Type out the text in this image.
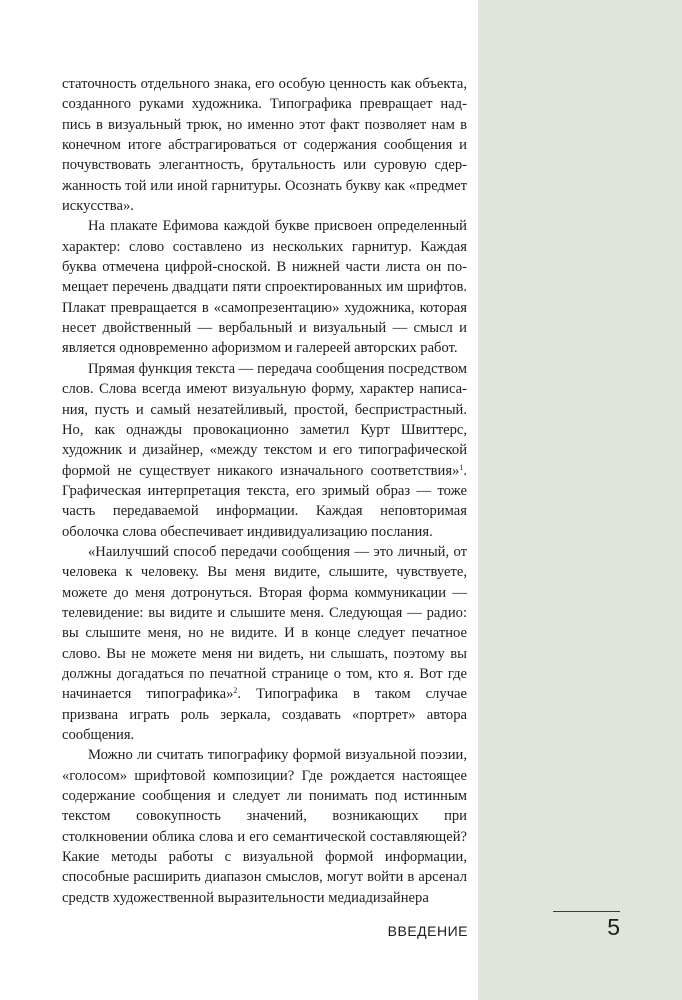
статочность отдельного знака, его особую ценность как объекта, созданного руками художника. Типографика превращает надпись в визуальный трюк, но именно этот факт позволяет нам в конечном итоге абстрагироваться от содержания сообщения и почувствовать элегантность, брутальность или суровую сдержанность той или иной гарнитуры. Осознать букву как «предмет искусства».

На плакате Ефимова каждой букве присвоен определенный характер: слово составлено из нескольких гарнитур. Каждая буква отмечена цифрой-сноской. В нижней части листа он помещает перечень двадцати пяти спроектированных им шрифтов. Плакат превращается в «самопрезентацию» художника, которая несет двойственный — вербальный и визуальный — смысл и является одновременно афоризмом и галереей авторских работ.

Прямая функция текста — передача сообщения посредством слов. Слова всегда имеют визуальную форму, характер написания, пусть и самый незатейливый, простой, беспристрастный. Но, как однажды провокационно заметил Курт Швиттерс, художник и дизайнер, «между текстом и его типографической формой не существует никакого изначального соответствия»$^1$. Графическая интерпретация текста, его зримый образ — тоже часть передаваемой информации. Каждая неповторимая оболочка слова обеспечивает индивидуализацию послания.

«Наилучший способ передачи сообщения — это личный, от человека к человеку. Вы меня видите, слышите, чувствуете, можете до меня дотронуться. Вторая форма коммуникации — телевидение: вы видите и слышите меня. Следующая — радио: вы слышите меня, но не видите. И в конце следует печатное слово. Вы не можете меня ни видеть, ни слышать, поэтому вы должны догадаться по печатной странице о том, кто я. Вот где начинается типографика»$^2$. Типографика в таком случае призвана играть роль зеркала, создавать «портрет» автора сообщения.

Можно ли считать типографику формой визуальной поэзии, «голосом» шрифтовой композиции? Где рождается настоящее содержание сообщения и следует ли понимать под истинным текстом совокупность значений, возникающих при столкновении облика слова и его семантической составляющей? Какие методы работы с визуальной формой информации, способные расширить диапазон смыслов, могут войти в арсенал средств художественной выразительности медиадизайнера

ВВЕДЕНИЕ	5
